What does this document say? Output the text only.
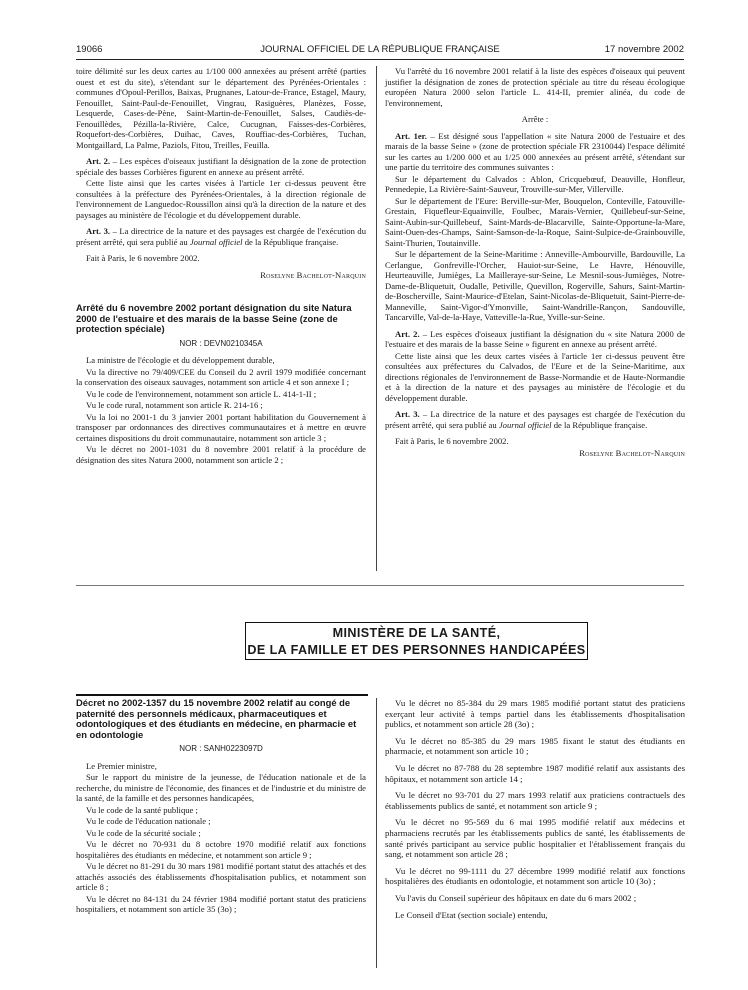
19066	JOURNAL OFFICIEL DE LA RÉPUBLIQUE FRANÇAISE	17 novembre 2002

toire délimité sur les deux cartes au 1/100 000 annexées au présent arrêté (parties ouest et est du site), s'étendant sur le département des Pyrénées-Orientales : communes d'Opoul-Perillos, Baixas, Prugnanes, Latour-de-France, Estagel, Maury, Fenouillet, Saint-Paul-de-Fenouillet, Vingrau, Rasiguères, Planèzes, Fosse, Lesquerde, Cases-de-Pène, Saint-Martin-de-Fenouillet, Salses, Caudiès-de-Fenouillèdes, Pézilla-la-Rivière, Calce, Cucugnan, Faisses-des-Corbières, Roquefort-des-Corbières, Duihac, Caves, Rouffiac-des-Corbières, Tuchan, Montgaillard, La Palme, Paziols, Fitou, Treilles, Feuilla.

Art. 2. – Les espèces d'oiseaux justifiant la désignation de la zone de protection spéciale des basses Corbières figurent en annexe au présent arrêté.

Cette liste ainsi que les cartes visées à l'article 1er ci-dessus peuvent être consultées à la préfecture des Pyrénées-Orientales, à la direction régionale de l'environnement de Languedoc-Roussillon ainsi qu'à la direction de la nature et des paysages au ministère de l'écologie et du développement durable.

Art. 3. – La directrice de la nature et des paysages est chargée de l'exécution du présent arrêté, qui sera publié au Journal officiel de la République française.

Fait à Paris, le 6 novembre 2002.

Roselyne Bachelot-Narquin

Arrêté du 6 novembre 2002 portant désignation du site Natura 2000 de l'estuaire et des marais de la basse Seine (zone de protection spéciale)
NOR : DEVN0210345A

La ministre de l'écologie et du développement durable,

Vu la directive no 79/409/CEE du Conseil du 2 avril 1979 modifiée concernant la conservation des oiseaux sauvages, notamment son article 4 et son annexe I ;

Vu le code de l'environnement, notamment son article L. 414-1-II ;

Vu le code rural, notamment son article R. 214-16 ;

Vu la loi no 2001-1 du 3 janvier 2001 portant habilitation du Gouvernement à transposer par ordonnances des directives communautaires et à mettre en œuvre certaines dispositions du droit communautaire, notamment son article 3 ;

Vu le décret no 2001-1031 du 8 novembre 2001 relatif à la procédure de désignation des sites Natura 2000, notamment son article 2 ;

Vu l'arrêté du 16 novembre 2001 relatif à la liste des espèces d'oiseaux qui peuvent justifier la désignation de zones de protection spéciale au titre du réseau écologique européen Natura 2000 selon l'article L. 414-II, premier alinéa, du code de l'environnement,

Arrête :

Art. 1er. – Est désigné sous l'appellation « site Natura 2000 de l'estuaire et des marais de la basse Seine » (zone de protection spéciale FR 2310044) l'espace délimité sur les cartes au 1/200 000 et au 1/25 000 annexées au présent arrêté, s'étendant sur une partie du territoire des communes suivantes :

Sur le département du Calvados : Ablon, Cricquebœuf, Deauville, Honfleur, Pennedepie, La Rivière-Saint-Sauveur, Trouville-sur-Mer, Villerville.

Sur le département de l'Eure: Berville-sur-Mer, Bouquelon, Conteville, Fatouville-Grestain, Fiquefleur-Equainville, Foulbec, Marais-Vernier, Quillebeuf-sur-Seine, Saint-Aubin-sur-Quillebeuf, Saint-Mards-de-Blacarville, Sainte-Opportune-la-Mare, Saint-Ouen-des-Champs, Saint-Samson-de-la-Roque, Saint-Sulpice-de-Grainbouville, Saint-Thurien, Toutainville.

Sur le département de la Seine-Maritime : Anneville-Ambourville, Bardouville, La Cerlangue, Gonfreville-l'Orcher, Hauiot-sur-Seine, Le Havre, Hénouville, Heurteauville, Jumièges, La Mailleraye-sur-Seine, Le Mesnil-sous-Jumièges, Notre-Dame-de-Bliquetuit, Oudalle, Petiville, Quevillon, Rogerville, Sahurs, Saint-Martin-de-Boscherville, Saint-Maurice-d'Etelan, Saint-Nicolas-de-Bliquetuit, Saint-Pierre-de-Manneville, Saint-Vigor-d'Ymonville, Saint-Wandrille-Rançon, Sandouville, Tancarville, Val-de-la-Haye, Vatteville-la-Rue, Yville-sur-Seine.

Art. 2. – Les espèces d'oiseaux justifiant la désignation du « site Natura 2000 de l'estuaire et des marais de la basse Seine » figurent en annexe au présent arrêté.

Cette liste ainsi que les deux cartes visées à l'article 1er ci-dessus peuvent être consultées aux préfectures du Calvados, de l'Eure et de la Seine-Maritime, aux directions régionales de l'environnement de Basse-Normandie et de Haute-Normandie et à la direction de la nature et des paysages au ministère de l'écologie et du développement durable.

Art. 3. – La directrice de la nature et des paysages est chargée de l'exécution du présent arrêté, qui sera publié au Journal officiel de la République française.

Fait à Paris, le 6 novembre 2002.

Roselyne Bachelot-Narquin

MINISTÈRE DE LA SANTÉ,
DE LA FAMILLE ET DES PERSONNES HANDICAPÉES
Décret no 2002-1357 du 15 novembre 2002 relatif au congé de paternité des personnels médicaux, pharmaceutiques et odontologiques et des étudiants en médecine, en pharmacie et en odontologie
NOR : SANH0223097D

Le Premier ministre,

Sur le rapport du ministre de la jeunesse, de l'éducation nationale et de la recherche, du ministre de l'économie, des finances et de l'industrie et du ministre de la santé, de la famille et des personnes handicapées,

Vu le code de la santé publique ;

Vu le code de l'éducation nationale ;

Vu le code de la sécurité sociale ;

Vu le décret no 70-931 du 8 octobre 1970 modifié relatif aux fonctions hospitalières des étudiants en médecine, et notamment son article 9 ;

Vu le décret no 81-291 du 30 mars 1981 modifié portant statut des attachés et des attachés associés des établissements d'hospitalisation publics, et notamment son article 8 ;

Vu le décret no 84-131 du 24 février 1984 modifié portant statut des praticiens hospitaliers, et notamment son article 35 (3o) ;

Vu le décret no 85-384 du 29 mars 1985 modifié portant statut des praticiens exerçant leur activité à temps partiel dans les établissements d'hospitalisation publics, et notamment son article 28 (3o) ;

Vu le décret no 85-385 du 29 mars 1985 fixant le statut des étudiants en pharmacie, et notamment son article 10 ;

Vu le décret no 87-788 du 28 septembre 1987 modifié relatif aux assistants des hôpitaux, et notamment son article 14 ;

Vu le décret no 93-701 du 27 mars 1993 relatif aux praticiens contractuels des établissements publics de santé, et notamment son article 9 ;

Vu le décret no 95-569 du 6 mai 1995 modifié relatif aux médecins et pharmaciens recrutés par les établissements publics de santé, les établissements de santé privés participant au service public hospitalier et l'établissement français du sang, et notamment son article 28 ;

Vu le décret no 99-1111 du 27 décembre 1999 modifié relatif aux fonctions hospitalières des étudiants en odontologie, et notamment son article 10 (3o) ;

Vu l'avis du Conseil supérieur des hôpitaux en date du 6 mars 2002 ;

Le Conseil d'Etat (section sociale) entendu,
